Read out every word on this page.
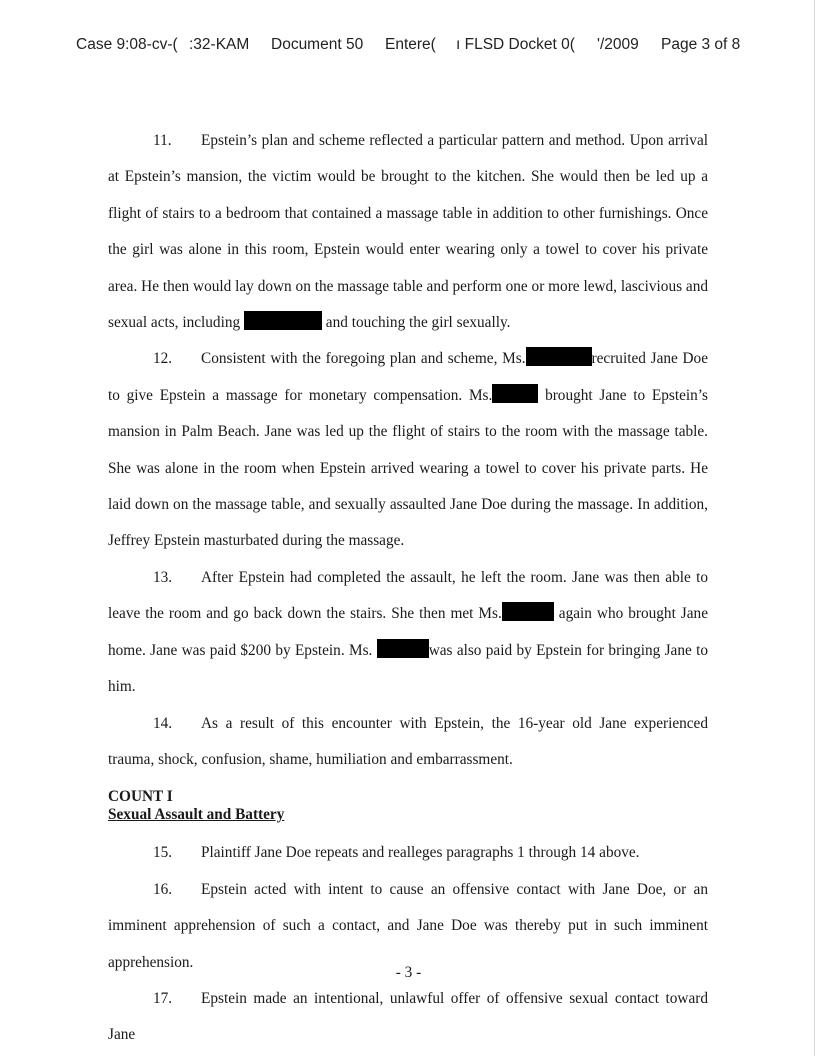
Case 9:08-cv-( :32-KAM Document 50 Entere( ı FLSD Docket 0( '/2009 Page 3 of 8

11. Epstein’s plan and scheme reflected a particular pattern and method. Upon arrival at Epstein’s mansion, the victim would be brought to the kitchen. She would then be led up a flight of stairs to a bedroom that contained a massage table in addition to other furnishings. Once the girl was alone in this room, Epstein would enter wearing only a towel to cover his private area. He then would lay down on the massage table and perform one or more lewd, lascivious and sexual acts, including	and touching the girl sexually.

12. Consistent with the foregoing plan and scheme, Ms.	recruited Jane Doe to give Epstein a massage for monetary compensation. Ms.	brought Jane to Epstein’s mansion in Palm Beach. Jane was led up the flight of stairs to the room with the massage table. She was alone in the room when Epstein arrived wearing a towel to cover his private parts. He laid down on the massage table, and sexually assaulted Jane Doe during the massage. In addition, Jeffrey Epstein masturbated during the massage.

13. After Epstein had completed the assault, he left the room. Jane was then able to leave the room and go back down the stairs. She then met Ms.	again who brought Jane home. Jane was paid $200 by Epstein. Ms.	was also paid by Epstein for bringing Jane to him.

14. As a result of this encounter with Epstein, the 16-year old Jane experienced trauma, shock, confusion, shame, humiliation and embarrassment.

COUNT I
Sexual Assault and Battery

15. Plaintiff Jane Doe repeats and realleges paragraphs 1 through 14 above.

16. Epstein acted with intent to cause an offensive contact with Jane Doe, or an imminent apprehension of such a contact, and Jane Doe was thereby put in such imminent apprehension.

17. Epstein made an intentional, unlawful offer of offensive sexual contact toward Jane

- 3 -
